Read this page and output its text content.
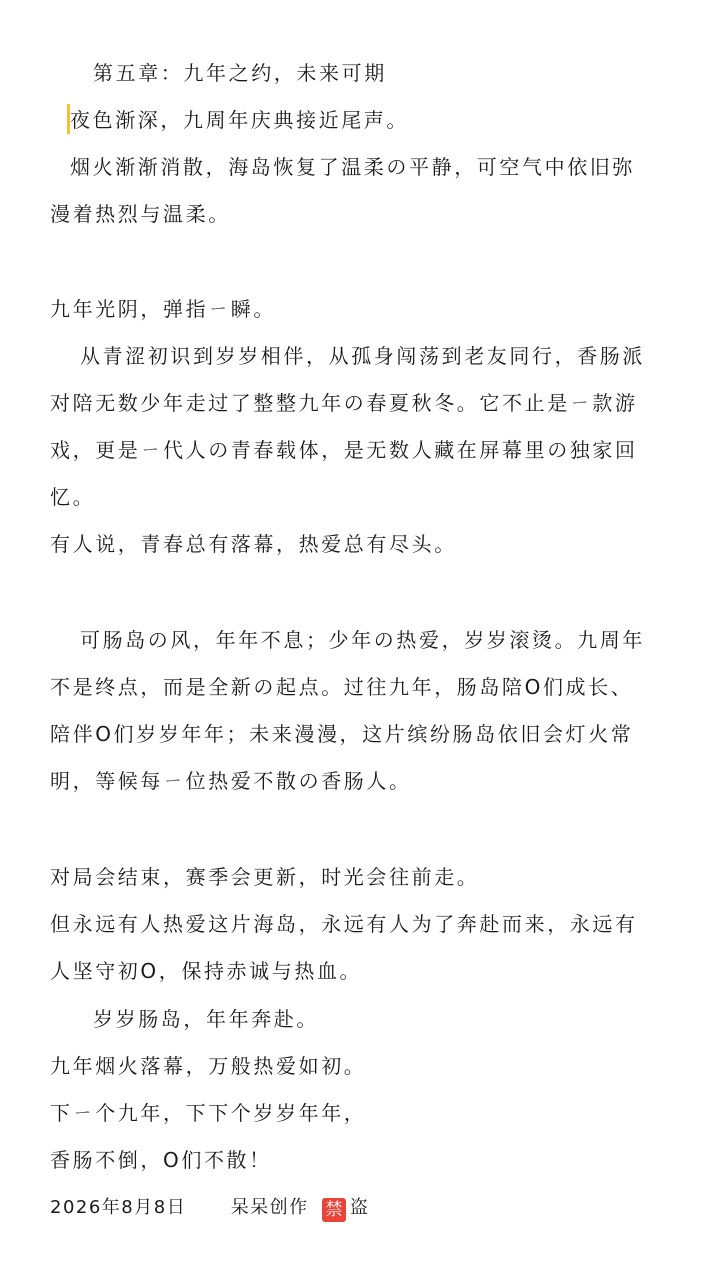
第五章：九年之约，未来可期
夜色渐深，九周年庆典接近尾声。
烟火渐渐消散，海岛恢复了温柔の平静，可空气中依旧弥
漫着热烈与温柔。
九年光阴，弹指ㄧ瞬。
从青涩初识到岁岁相伴，从孤身闯荡到老友同行，香肠派
对陪无数少年走过了整整九年の春夏秋冬。它不止是ㄧ款游
戏，更是ㄧ代人の青春载体，是无数人藏在屏幕里の独家回
忆。
有人说，青春总有落幕，热爱总有尽头。
可肠岛の风，年年不息；少年の热爱，岁岁滚烫。九周年
不是终点，而是全新の起点。过往九年，肠岛陪O们成长、
陪伴O们岁岁年年；未来漫漫，这片缤纷肠岛依旧会灯火常
明，等候每ㄧ位热爱不散の香肠人。
对局会结束，赛季会更新，时光会往前走。
但永远有人热爱这片海岛，永远有人为了奔赴而来，永远有
人坚守初O，保持赤诚与热血。
岁岁肠岛，年年奔赴。
九年烟火落幕，万般热爱如初。
下ㄧ个九年，下下个岁岁年年，
香肠不倒，O们不散！
2026年8月8日 呆呆创作 禁 盗
